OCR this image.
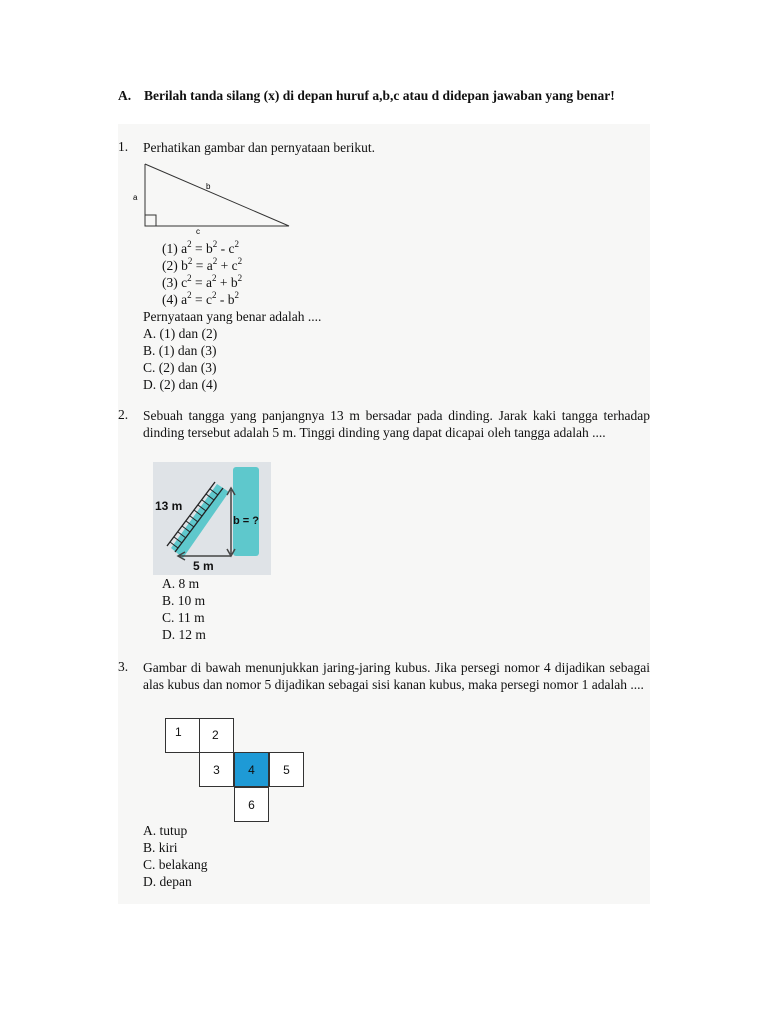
A. Berilah tanda silang (x) di depan huruf a,b,c atau d didepan jawaban yang benar!
1. Perhatikan gambar dan pernyataan berikut.
a
b
c
(1) $a^2 = b^2 - c^2$
(2) $b^2 = a^2 + c^2$
(3) $c^2 = a^2 + b^2$
(4) $a^2 = c^2 - b^2$
Pernyataan yang benar adalah ....
A. (1) dan (2)
B. (1) dan (3)
C. (2) dan (3)
D. (2) dan (4)
2. Sebuah tangga yang panjangnya 13 m bersadar pada dinding. Jarak kaki tangga terhadap dinding tersebut adalah 5 m. Tinggi dinding yang dapat dicapai oleh tangga adalah ....
13 m
b = ?
5 m
A. 8 m
B. 10 m
C. 11 m
D. 12 m
3. Gambar di bawah menunjukkan jaring-jaring kubus. Jika persegi nomor 4 dijadikan sebagai alas kubus dan nomor 5 dijadikan sebagai sisi kanan kubus, maka persegi nomor 1 adalah ....
1	2
3	4	5
6
A. tutup
B. kiri
C. belakang
D. depan
